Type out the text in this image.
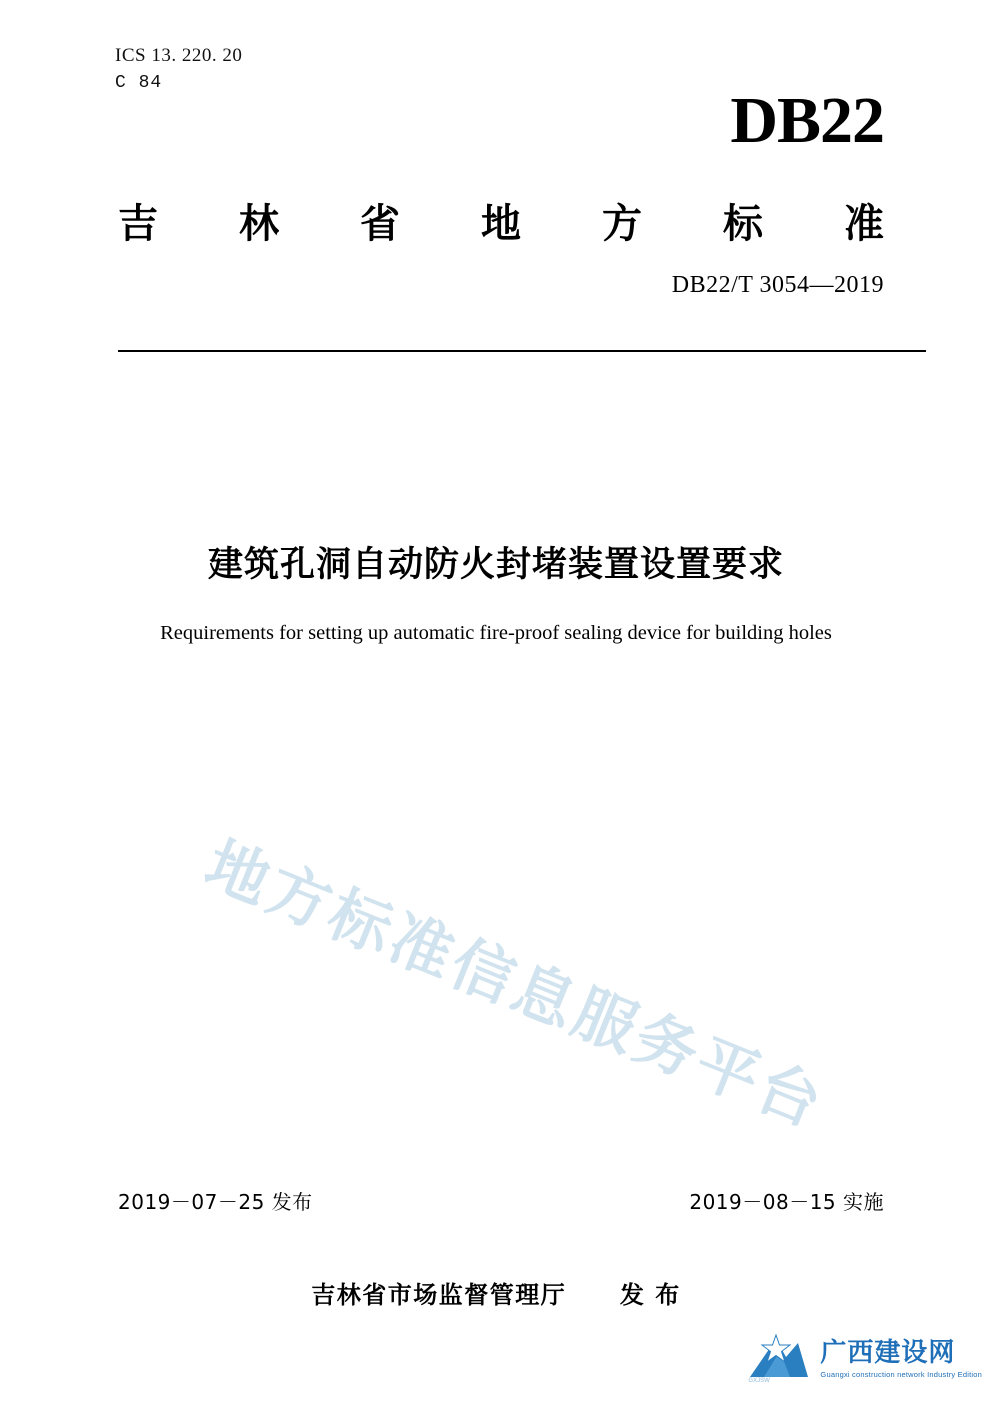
ICS 13. 220. 20
C 84
DB22
吉 林 省 地 方 标 准
DB22/T 3054—2019
建筑孔洞自动防火封堵装置设置要求
Requirements for setting up automatic fire-proof sealing device for building holes
地方标准信息服务平台
2019－07－25 发布	2019－08－15 实施
吉林省市场监督管理厅 发 布
GXJSW
广西建设网
Guangxi construction network Industry Edition
